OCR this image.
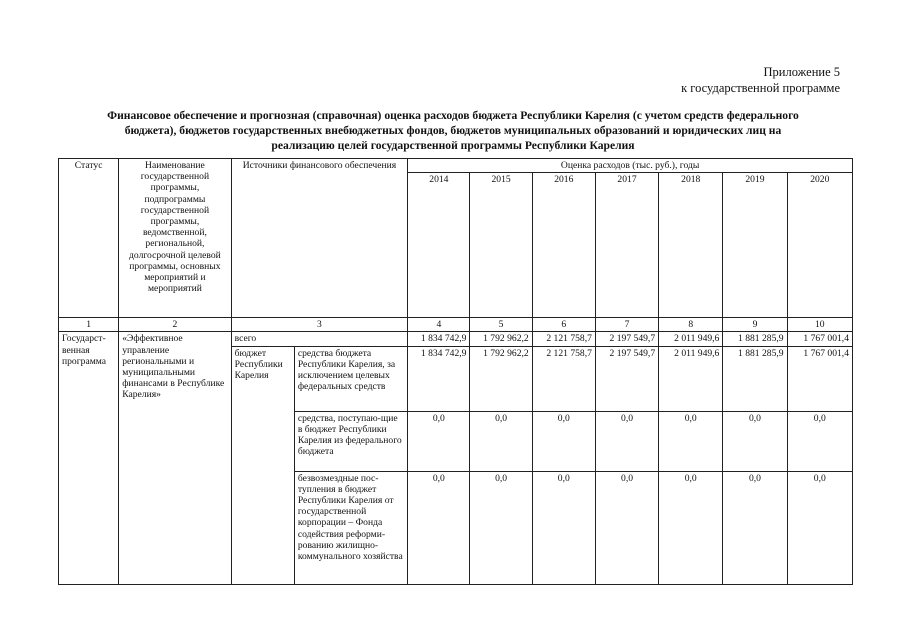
Приложение 5
к государственной программе
Финансовое обеспечение и прогнозная (справочная) оценка расходов бюджета Республики Карелия (с учетом средств федерального
бюджета), бюджетов государственных внебюджетных фондов, бюджетов муниципальных образований и юридических лиц на
реализацию целей государственной программы Республики Карелия
Статус	Наименование государственной программы, подпрограммы государственной программы, ведомственной, региональной, долгосрочной целевой программы, основных мероприятий и мероприятий	Источники финансового обеспечения		Оценка расходов (тыс. руб.), годы						
				2014	2015	2016	2017	2018	2019	2020
1	2	3		4	5	6	7	8	9	10
Государст-венная программа	«Эффективное управление региональными и муниципальными финансами в Республике Карелия»	всего		1 834 742,9	1 792 962,2	2 121 758,7	2 197 549,7	2 011 949,6	1 881 285,9	1 767 001,4
		бюджет Республики Карелия	средства бюджета Республики Карелия, за исключением целевых федеральных средств	1 834 742,9	1 792 962,2	2 121 758,7	2 197 549,7	2 011 949,6	1 881 285,9	1 767 001,4
			средства, поступаю-щие в бюджет Республики Карелия из федерального бюджета	0,0	0,0	0,0	0,0	0,0	0,0	0,0
			безвозмездные пос-тупления в бюджет Республики Карелия от государственной корпорации – Фонда содействия реформи-рованию жилищно-коммунального хозяйства	0,0	0,0	0,0	0,0	0,0	0,0	0,0
